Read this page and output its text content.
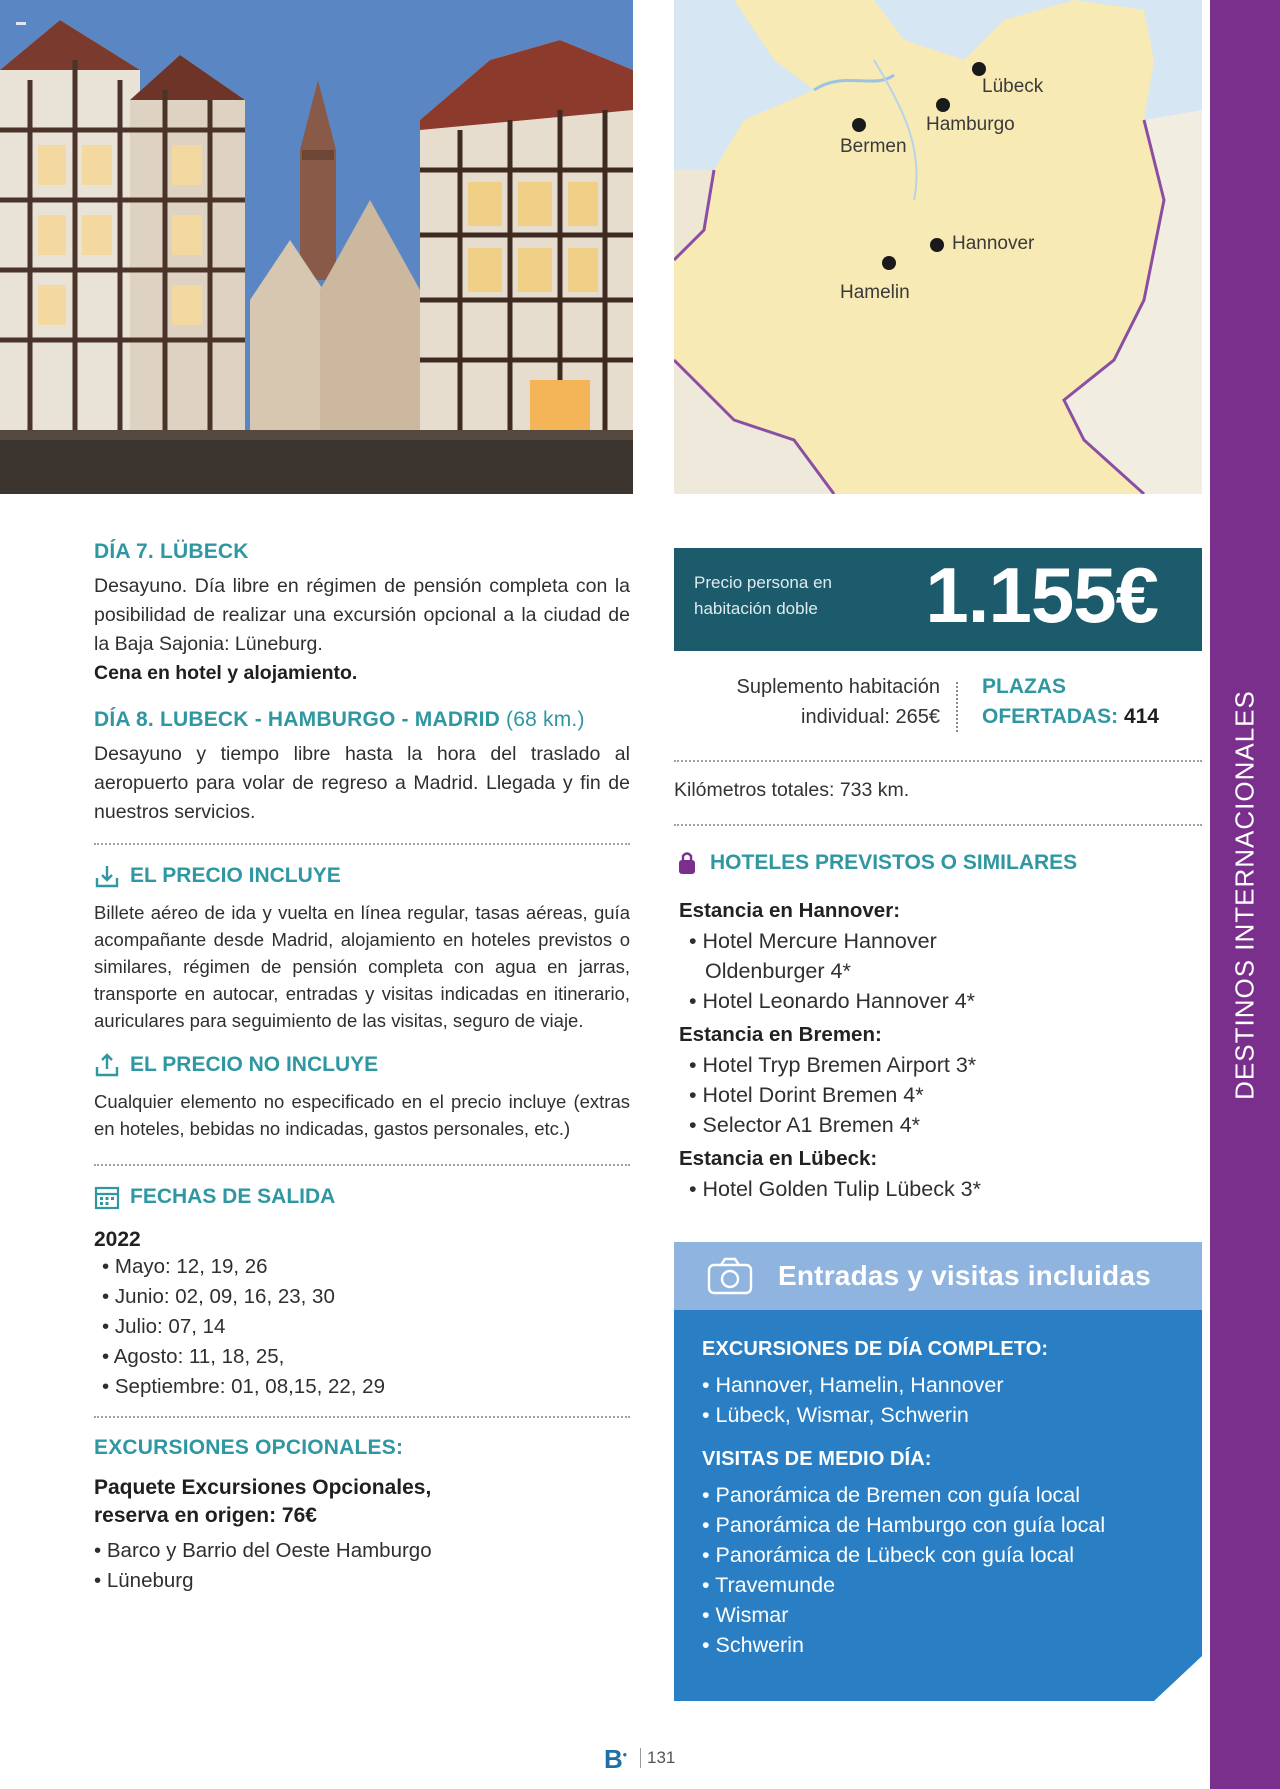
Lübeck
Hamburgo
Bermen
Hannover
Hamelin
DESTINOS INTERNACIONALES
DÍA 7. LÜBECK
Desayuno. Día libre en régimen de pensión completa con la posibilidad de realizar una excursión opcional a la ciudad de la Baja Sajonia: Lüneburg.
Cena en hotel y alojamiento.
DÍA 8. LUBECK - HAMBURGO - MADRID (68 km.)
Desayuno y tiempo libre hasta la hora del traslado al aeropuerto para volar de regreso a Madrid. Llegada y fin de nuestros servicios.
EL PRECIO INCLUYE
Billete aéreo de ida y vuelta en línea regular, tasas aéreas, guía acompañante desde Madrid, alojamiento en hoteles previstos o similares, régimen de pensión completa con agua en jarras, transporte en autocar, entradas y visitas indicadas en itinerario, auriculares para seguimiento de las visitas, seguro de viaje.
EL PRECIO NO INCLUYE
Cualquier elemento no especificado en el precio incluye (extras en hoteles, bebidas no indicadas, gastos personales, etc.)
FECHAS DE SALIDA
2022
• Mayo: 12, 19, 26
• Junio: 02, 09, 16, 23, 30
• Julio: 07, 14
• Agosto: 11, 18, 25,
• Septiembre: 01, 08,15, 22, 29
EXCURSIONES OPCIONALES:
Paquete Excursiones Opcionales,
reserva en origen: 76€
• Barco y Barrio del Oeste Hamburgo
• Lüneburg
Precio persona en habitación doble	1.155€
Suplemento habitación
individual: 265€
PLAZAS
OFERTADAS: 414
Kilómetros totales: 733 km.
HOTELES PREVISTOS O SIMILARES
Estancia en Hannover:
• Hotel Mercure Hannover Oldenburger 4*
• Hotel Leonardo Hannover 4*
Estancia en Bremen:
• Hotel Tryp Bremen Airport 3*
• Hotel Dorint Bremen 4*
• Selector A1 Bremen 4*
Estancia en Lübeck:
• Hotel Golden Tulip Lübeck 3*
Entradas y visitas incluidas
EXCURSIONES DE DÍA COMPLETO:
• Hannover, Hamelin, Hannover
• Lübeck, Wismar, Schwerin
VISITAS DE MEDIO DÍA:
• Panorámica de Bremen con guía local
• Panorámica de Hamburgo con guía local
• Panorámica de Lübeck con guía local
• Travemunde
• Wismar
• Schwerin
B•	131
